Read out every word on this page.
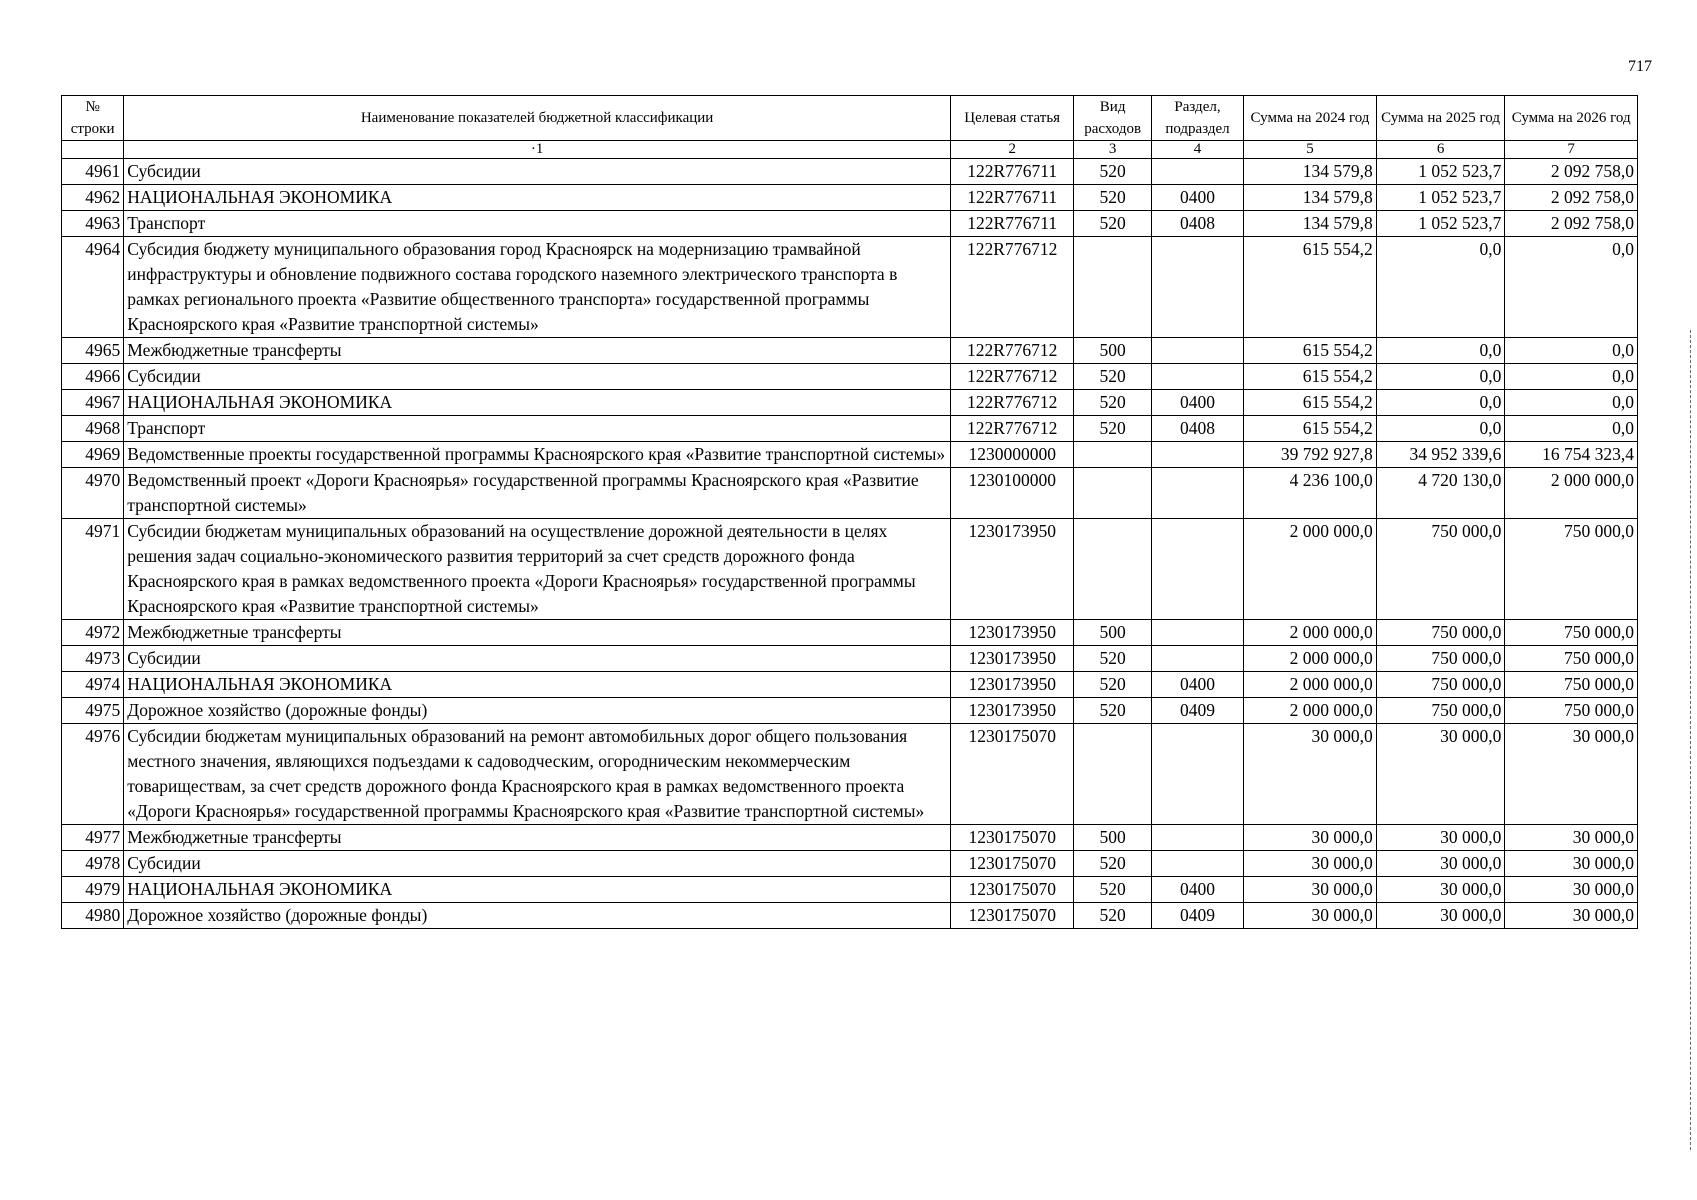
717
№ строки	Наименование показателей бюджетной классификации	Целевая статья	Вид расходов	Раздел, подраздел	Сумма на 2024 год	Сумма на 2025 год	Сумма на 2026 год
	·1	2	3	4	5	6	7
4961	Субсидии	122R776711	520		134 579,8	1 052 523,7	2 092 758,0
4962	НАЦИОНАЛЬНАЯ ЭКОНОМИКА	122R776711	520	0400	134 579,8	1 052 523,7	2 092 758,0
4963	Транспорт	122R776711	520	0408	134 579,8	1 052 523,7	2 092 758,0
4964	Субсидия бюджету муниципального образования город Красноярск на модернизацию трамвайной инфраструктуры и обновление подвижного состава городского наземного электрического транспорта в рамках регионального проекта «Развитие общественного транспорта» государственной программы Красноярского края «Развитие транспортной системы»	122R776712			615 554,2	0,0	0,0
4965	Межбюджетные трансферты	122R776712	500		615 554,2	0,0	0,0
4966	Субсидии	122R776712	520		615 554,2	0,0	0,0
4967	НАЦИОНАЛЬНАЯ ЭКОНОМИКА	122R776712	520	0400	615 554,2	0,0	0,0
4968	Транспорт	122R776712	520	0408	615 554,2	0,0	0,0
4969	Ведомственные проекты государственной программы Красноярского края «Развитие транспортной системы»	1230000000			39 792 927,8	34 952 339,6	16 754 323,4
4970	Ведомственный проект «Дороги Красноярья» государственной программы Красноярского края «Развитие транспортной системы»	1230100000			4 236 100,0	4 720 130,0	2 000 000,0
4971	Субсидии бюджетам муниципальных образований на осуществление дорожной деятельности в целях решения задач социально-экономического развития территорий за счет средств дорожного фонда Красноярского края в рамках ведомственного проекта «Дороги Красноярья» государственной программы Красноярского края «Развитие транспортной системы»	1230173950			2 000 000,0	750 000,0	750 000,0
4972	Межбюджетные трансферты	1230173950	500		2 000 000,0	750 000,0	750 000,0
4973	Субсидии	1230173950	520		2 000 000,0	750 000,0	750 000,0
4974	НАЦИОНАЛЬНАЯ ЭКОНОМИКА	1230173950	520	0400	2 000 000,0	750 000,0	750 000,0
4975	Дорожное хозяйство (дорожные фонды)	1230173950	520	0409	2 000 000,0	750 000,0	750 000,0
4976	Субсидии бюджетам муниципальных образований на ремонт автомобильных дорог общего пользования местного значения, являющихся подъездами к садоводческим, огородническим некоммерческим товариществам, за счет средств дорожного фонда Красноярского края в рамках ведомственного проекта «Дороги Красноярья» государственной программы Красноярского края «Развитие транспортной системы»	1230175070			30 000,0	30 000,0	30 000,0
4977	Межбюджетные трансферты	1230175070	500		30 000,0	30 000,0	30 000,0
4978	Субсидии	1230175070	520		30 000,0	30 000,0	30 000,0
4979	НАЦИОНАЛЬНАЯ ЭКОНОМИКА	1230175070	520	0400	30 000,0	30 000,0	30 000,0
4980	Дорожное хозяйство (дорожные фонды)	1230175070	520	0409	30 000,0	30 000,0	30 000,0
